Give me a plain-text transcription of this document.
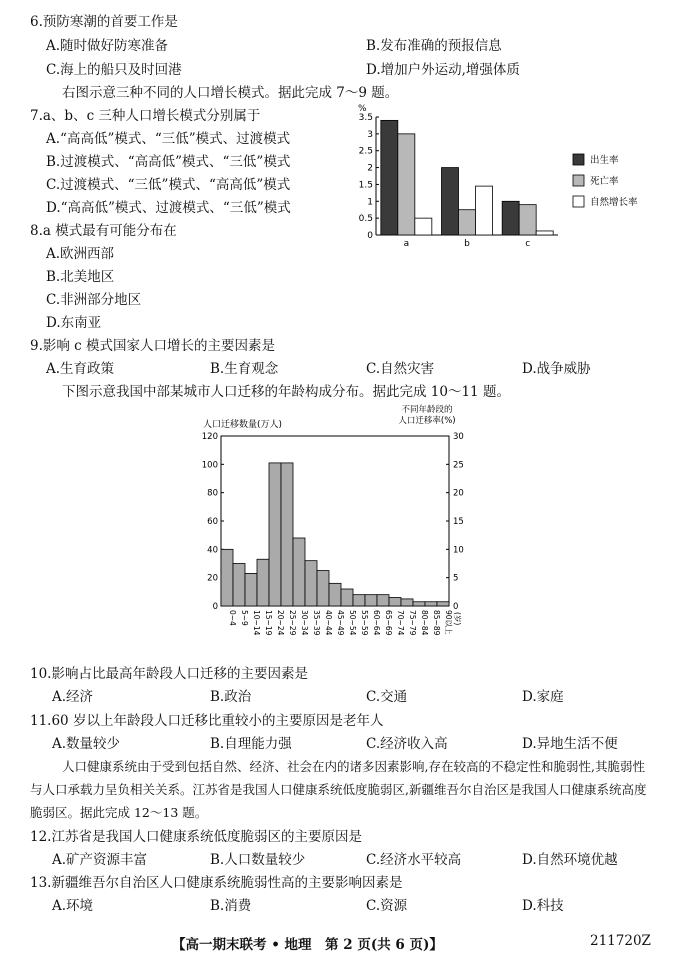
6.预防寒潮的首要工作是
A.随时做好防寒准备	B.发布准确的预报信息
C.海上的船只及时回港	D.增加户外运动,增强体质
右图示意三种不同的人口增长模式。据此完成 7～9 题。
7.a、b、c 三种人口增长模式分别属于
A.“高高低”模式、“三低”模式、过渡模式
B.过渡模式、“高高低”模式、“三低”模式
C.过渡模式、“三低”模式、“高高低”模式
D.“高高低”模式、过渡模式、“三低”模式
8.a 模式最有可能分布在
A.欧洲西部
B.北美地区
C.非洲部分地区
D.东南亚
%
0
0.5
1
1.5
2
2.5
3
3.5
a	b	c
出生率
死亡率
自然增长率
9.影响 c 模式国家人口增长的主要因素是
A.生育政策	B.生育观念	C.自然灾害	D.战争威胁
下图示意我国中部某城市人口迁移的年龄构成分布。据此完成 10～11 题。
人口迁移数量(万人)
不同年龄段的人口迁移率(%)
0
20
40
60
80
100
120
0
5
10
15
20
25
30
0~4 5~9 10~14 15~19 20~24 25~29 30~34 35~39 40~44 45~49 50~54 55~59 60~64 65~69 70~74 75~79 80~84 85~89 90以上 (岁)
10.影响占比最高年龄段人口迁移的主要因素是
A.经济	B.政治	C.交通	D.家庭
11.60 岁以上年龄段人口迁移比重较小的主要原因是老年人
A.数量较少	B.自理能力强	C.经济收入高	D.异地生活不便
人口健康系统由于受到包括自然、经济、社会在内的诸多因素影响,存在较高的不稳定性和脆弱性,其脆弱性与人口承载力呈负相关关系。江苏省是我国人口健康系统低度脆弱区,新疆维吾尔自治区是我国人口健康系统高度脆弱区。据此完成 12～13 题。
12.江苏省是我国人口健康系统低度脆弱区的主要原因是
A.矿产资源丰富	B.人口数量较少	C.经济水平较高	D.自然环境优越
13.新疆维吾尔自治区人口健康系统脆弱性高的主要影响因素是
A.环境	B.消费	C.资源	D.科技
【高一期末联考 • 地理　第 2 页(共 6 页)】	211720Z
